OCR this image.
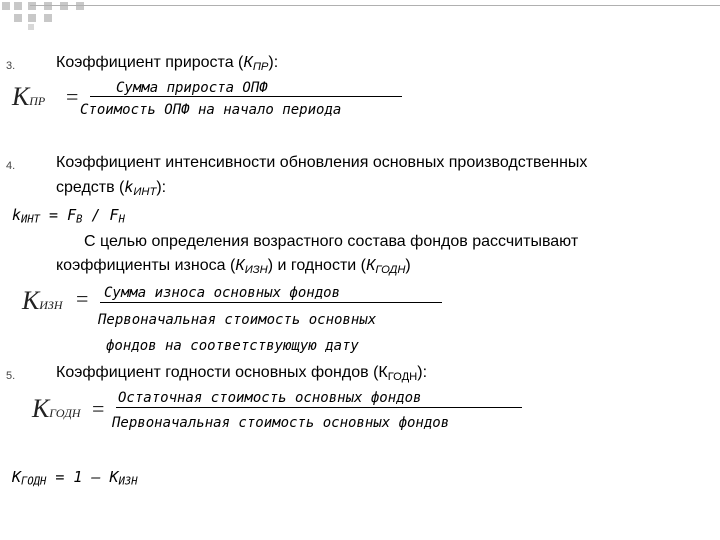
3.	Коэффициент прироста $(К_{ПР})$:
КПР =	Сумма прироста ОПФ
Стоимость ОПФ на начало периода
4.	Коэффициент интенсивности обновления основных производственных
средств $(k_{ИНТ})$:
$k_{ИНТ} = F_В / F_Н$
С целью определения возрастного состава фондов рассчитывают
коэффициенты износа $(К_{ИЗН})$ и годности $(К_{ГОДН})$
КИЗН = Сумма износа основных фондов
Первоначальная стоимость основных
фондов на соответствующую дату
5.	Коэффициент годности основных фондов $(К_{ГОДН})$:
КГОДН = Остаточная стоимость основных фондов
Первоначальная стоимость основных фондов
$К_{ГОДН} = 1 - К_{ИЗН}$
